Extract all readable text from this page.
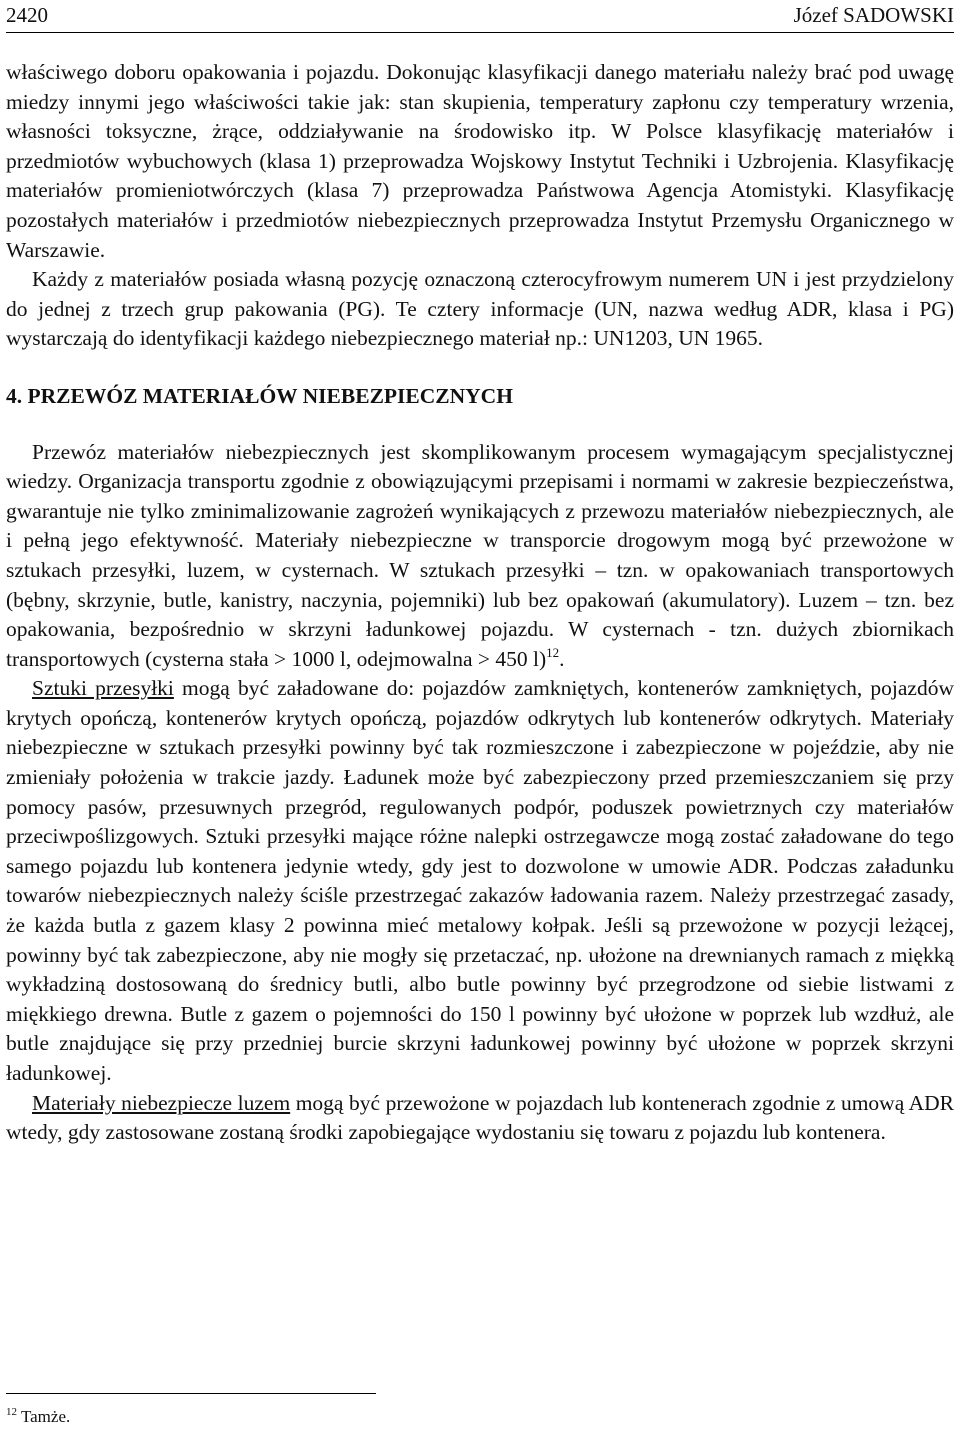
2420	Józef SADOWSKI

właściwego doboru opakowania i pojazdu. Dokonując klasyfikacji danego materiału należy brać pod uwagę miedzy innymi jego właściwości takie jak: stan skupienia, temperatury zapłonu czy temperatury wrzenia, własności toksyczne, żrące, oddziaływanie na środowisko itp. W Polsce klasyfikację materiałów i przedmiotów wybuchowych (klasa 1) przeprowadza Wojskowy Instytut Techniki i Uzbrojenia. Klasyfikację materiałów promieniotwórczych (klasa 7) przeprowadza Państwowa Agencja Atomistyki. Klasyfikację pozostałych materiałów i przedmiotów niebezpiecznych przeprowadza Instytut Przemysłu Organicznego w Warszawie.

Każdy z materiałów posiada własną pozycję oznaczoną czterocyfrowym numerem UN i jest przydzielony do jednej z trzech grup pakowania (PG). Te cztery informacje (UN, nazwa według ADR, klasa i PG) wystarczają do identyfikacji każdego niebezpiecznego materiał np.: UN1203, UN 1965.

4. PRZEWÓZ MATERIAŁÓW NIEBEZPIECZNYCH

Przewóz materiałów niebezpiecznych jest skomplikowanym procesem wymagającym specjalistycznej wiedzy. Organizacja transportu zgodnie z obowiązującymi przepisami i normami w zakresie bezpieczeństwa, gwarantuje nie tylko zminimalizowanie zagrożeń wynikających z przewozu materiałów niebezpiecznych, ale i pełną jego efektywność. Materiały niebezpieczne w transporcie drogowym mogą być przewożone w sztukach przesyłki, luzem, w cysternach. W sztukach przesyłki – tzn. w opakowaniach transportowych (bębny, skrzynie, butle, kanistry, naczynia, pojemniki) lub bez opakowań (akumulatory). Luzem – tzn. bez opakowania, bezpośrednio w skrzyni ładunkowej pojazdu. W cysternach - tzn. dużych zbiornikach transportowych (cysterna stała > 1000 l, odejmowalna > 450 l)$^{12}$.

Sztuki przesyłki mogą być załadowane do: pojazdów zamkniętych, kontenerów zamkniętych, pojazdów krytych opończą, kontenerów krytych opończą, pojazdów odkrytych lub kontenerów odkrytych. Materiały niebezpieczne w sztukach przesyłki powinny być tak rozmieszczone i zabezpieczone w pojeździe, aby nie zmieniały położenia w trakcie jazdy. Ładunek może być zabezpieczony przed przemieszczaniem się przy pomocy pasów, przesuwnych przegród, regulowanych podpór, poduszek powietrznych czy materiałów przeciwpoślizgowych. Sztuki przesyłki mające różne nalepki ostrzegawcze mogą zostać załadowane do tego samego pojazdu lub kontenera jedynie wtedy, gdy jest to dozwolone w umowie ADR. Podczas załadunku towarów niebezpiecznych należy ściśle przestrzegać zakazów ładowania razem. Należy przestrzegać zasady, że każda butla z gazem klasy 2 powinna mieć metalowy kołpak. Jeśli są przewożone w pozycji leżącej, powinny być tak zabezpieczone, aby nie mogły się przetaczać, np. ułożone na drewnianych ramach z miękką wykładziną dostosowaną do średnicy butli, albo butle powinny być przegrodzone od siebie listwami z miękkiego drewna. Butle z gazem o pojemności do 150 l powinny być ułożone w poprzek lub wzdłuż, ale butle znajdujące się przy przedniej burcie skrzyni ładunkowej powinny być ułożone w poprzek skrzyni ładunkowej.

Materiały niebezpiecze luzem mogą być przewożone w pojazdach lub kontenerach zgodnie z umową ADR wtedy, gdy zastosowane zostaną środki zapobiegające wydostaniu się towaru z pojazdu lub kontenera.

$^{12}$ Tamże.
